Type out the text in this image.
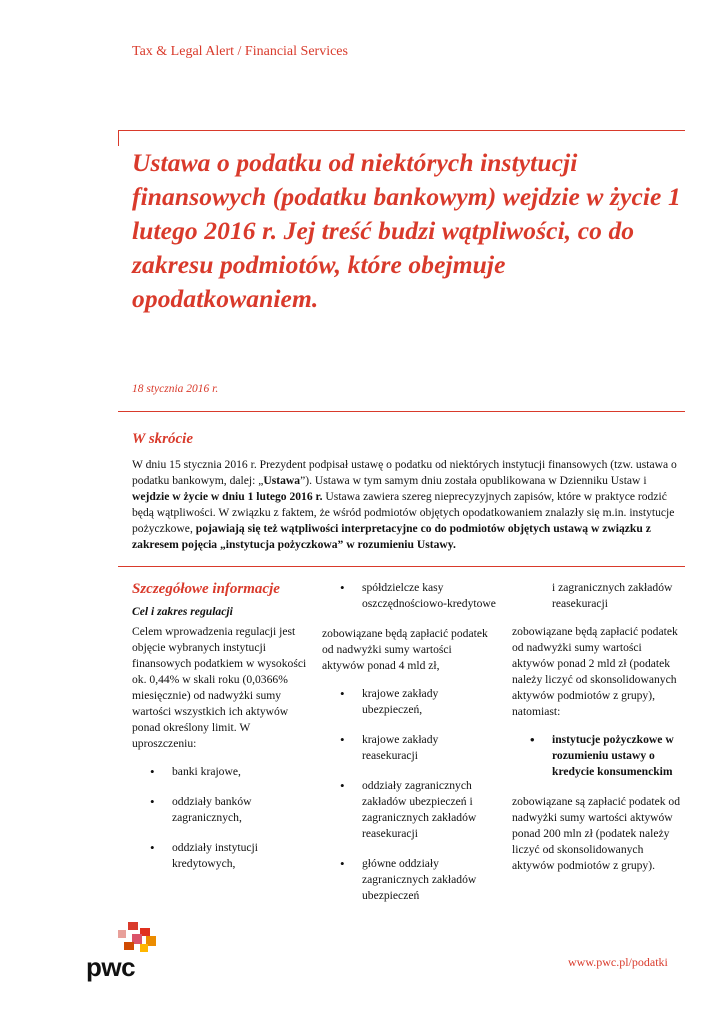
Tax & Legal Alert / Financial Services
Ustawa o podatku od niektórych instytucji finansowych (podatku bankowym) wejdzie w życie 1 lutego 2016 r. Jej treść budzi wątpliwości, co do zakresu podmiotów, które obejmuje opodatkowaniem.
18 stycznia 2016 r.
W skrócie
W dniu 15 stycznia 2016 r. Prezydent podpisał ustawę o podatku od niektórych instytucji finansowych (tzw. ustawa o podatku bankowym, dalej: „Ustawa”). Ustawa w tym samym dniu została opublikowana w Dzienniku Ustaw i wejdzie w życie w dniu 1 lutego 2016 r. Ustawa zawiera szereg nieprecyzyjnych zapisów, które w praktyce rodzić będą wątpliwości. W związku z faktem, że wśród podmiotów objętych opodatkowaniem znalazły się m.in. instytucje pożyczkowe, pojawiają się też wątpliwości interpretacyjne co do podmiotów objętych ustawą w związku z zakresem pojęcia „instytucja pożyczkowa” w rozumieniu Ustawy.
Szczegółowe informacje
Cel i zakres regulacji

Celem wprowadzenia regulacji jest objęcie wybranych instytucji finansowych podatkiem w wysokości ok. 0,44% w skali roku (0,0366% miesięcznie) od nadwyżki sumy wartości wszystkich ich aktywów ponad określony limit. W uproszczeniu:

• banki krajowe,
• oddziały banków zagranicznych,
• oddziały instytucji kredytowych,
• spółdzielcze kasy oszczędnościowo-kredytowe

zobowiązane będą zapłacić podatek od nadwyżki sumy wartości aktywów ponad 4 mld zł,

• krajowe zakłady ubezpieczeń,
• krajowe zakłady reasekuracji
• oddziały zagranicznych zakładów ubezpieczeń i zagranicznych zakładów reasekuracji
• główne oddziały zagranicznych zakładów ubezpieczeń

i zagranicznych zakładów reasekuracji

zobowiązane będą zapłacić podatek od nadwyżki sumy wartości aktywów ponad 2 mld zł (podatek należy liczyć od skonsolidowanych aktywów podmiotów z grupy), natomiast:

• instytucje pożyczkowe w rozumieniu ustawy o kredycie konsumenckim

zobowiązane są zapłacić podatek od nadwyżki sumy wartości aktywów ponad 200 mln zł (podatek należy liczyć od skonsolidowanych aktywów podmiotów z grupy).

pwc	www.pwc.pl/podatki
